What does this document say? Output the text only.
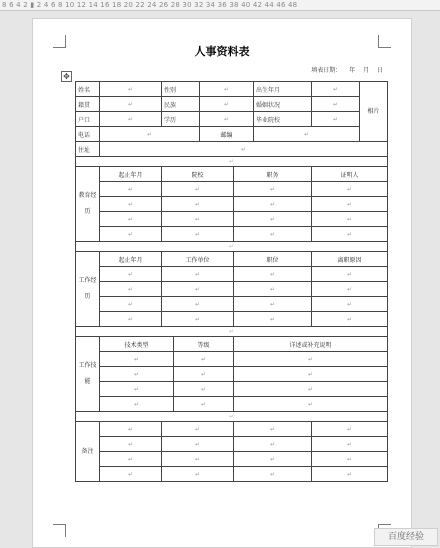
8 6 4 2 ▮ 2 4 6 8 10 12 14 16 18 20 22 24 26 28 30 32 34 36 38 40 42 44 46 48
人事资料表
填表日期： 年 月 日
✥
姓名	↵	性别		↵		出生年月	↵	相片
籍贯	↵	民族		↵		婚姻状况	↵	
户口	↵	学历		↵		毕业院校	↵	
电话	↵			邮编		↵		
住址	↵							
↵								
教育经历	起止年月	院校			职务		证明人	
	↵	↵			↵		↵	
	↵	↵			↵		↵	
	↵	↵			↵		↵	
	↵	↵			↵		↵	
↵								
工作经历	起止年月	工作单位			职位		离职原因	
	↵	↵			↵		↵	
	↵	↵			↵		↵	
	↵	↵			↵		↵	
	↵	↵			↵		↵	
↵								
工作技能	技术类型		等级		详述或补充说明			
	↵		↵		↵			
	↵		↵		↵			
	↵		↵		↵			
	↵		↵		↵			
↵								
备注	↵	↵			↵		↵	
	↵	↵			↵		↵	
	↵	↵			↵		↵	
	↵	↵			↵		↵	
百度经验
